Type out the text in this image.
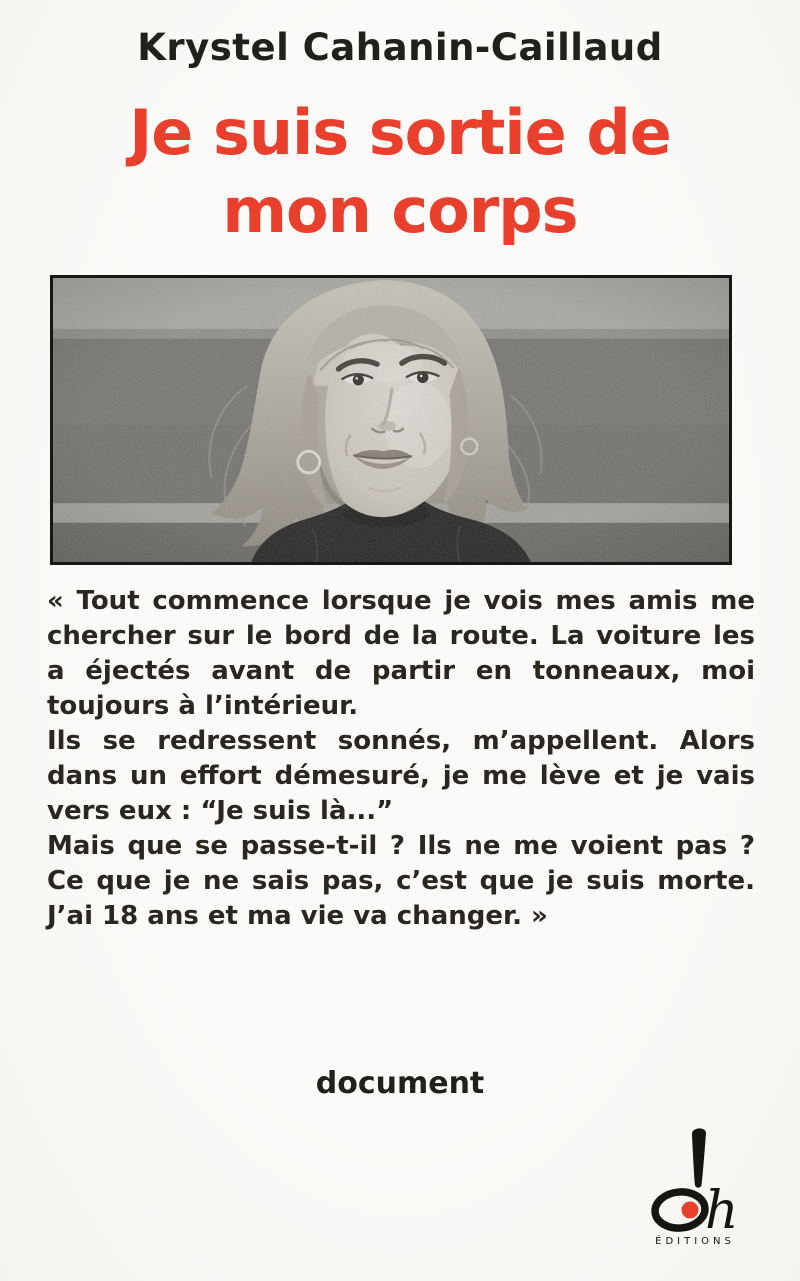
Krystel Cahanin-Caillaud
Je suis sortie de
mon corps
« Tout commence lorsque je vois mes amis me
chercher sur le bord de la route. La voiture les
a éjectés avant de partir en tonneaux, moi
toujours à l’intérieur.
Ils se redressent sonnés, m’appellent. Alors
dans un effort démesuré, je me lève et je vais
vers eux : “Je suis là...”
Mais que se passe-t-il ? Ils ne me voient pas ?
Ce que je ne sais pas, c’est que je suis morte.
J’ai 18 ans et ma vie va changer. »
document
h
ÉDITIONS
